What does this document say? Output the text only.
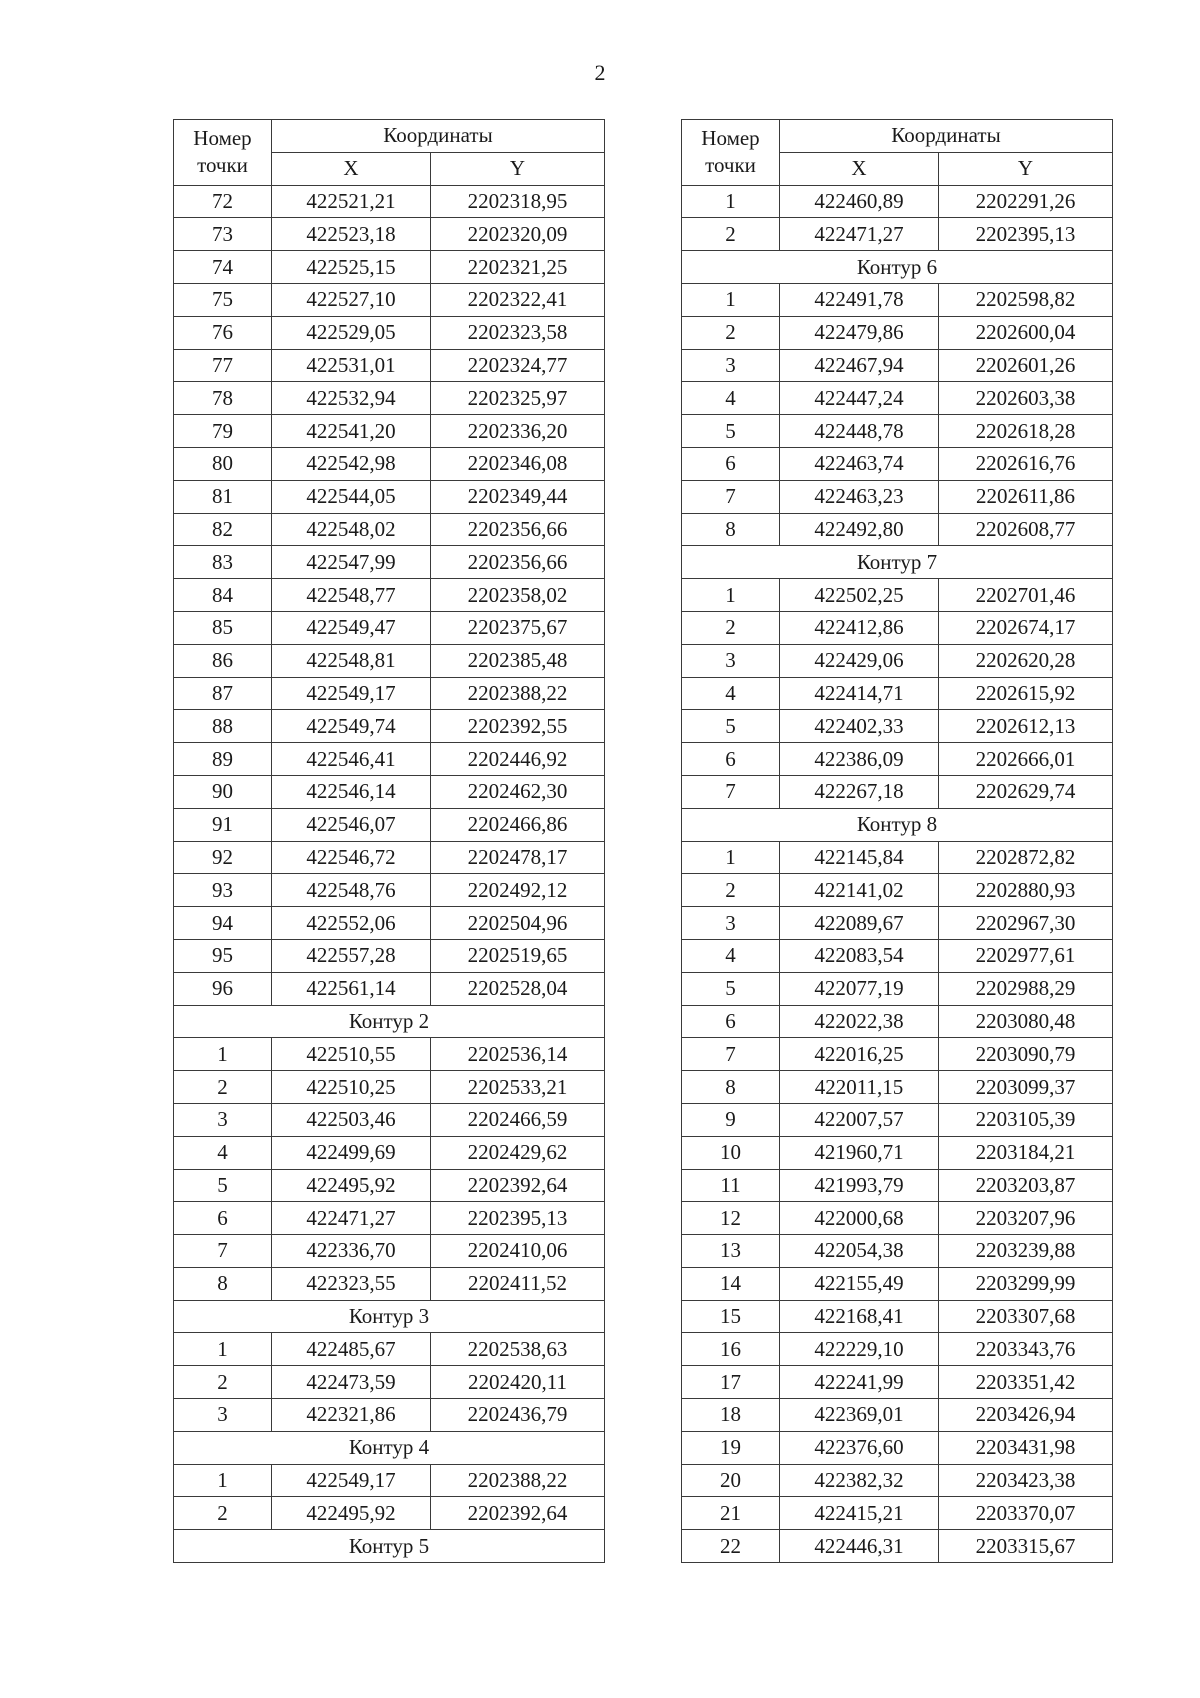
2
Номер
точки	Координаты	
	X	Y
72	422521,21	2202318,95
73	422523,18	2202320,09
74	422525,15	2202321,25
75	422527,10	2202322,41
76	422529,05	2202323,58
77	422531,01	2202324,77
78	422532,94	2202325,97
79	422541,20	2202336,20
80	422542,98	2202346,08
81	422544,05	2202349,44
82	422548,02	2202356,66
83	422547,99	2202356,66
84	422548,77	2202358,02
85	422549,47	2202375,67
86	422548,81	2202385,48
87	422549,17	2202388,22
88	422549,74	2202392,55
89	422546,41	2202446,92
90	422546,14	2202462,30
91	422546,07	2202466,86
92	422546,72	2202478,17
93	422548,76	2202492,12
94	422552,06	2202504,96
95	422557,28	2202519,65
96	422561,14	2202528,04
Контур 2		
1	422510,55	2202536,14
2	422510,25	2202533,21
3	422503,46	2202466,59
4	422499,69	2202429,62
5	422495,92	2202392,64
6	422471,27	2202395,13
7	422336,70	2202410,06
8	422323,55	2202411,52
Контур 3		
1	422485,67	2202538,63
2	422473,59	2202420,11
3	422321,86	2202436,79
Контур 4		
1	422549,17	2202388,22
2	422495,92	2202392,64
Контур 5		
Номер
точки	Координаты	
	X	Y
1	422460,89	2202291,26
2	422471,27	2202395,13
Контур 6		
1	422491,78	2202598,82
2	422479,86	2202600,04
3	422467,94	2202601,26
4	422447,24	2202603,38
5	422448,78	2202618,28
6	422463,74	2202616,76
7	422463,23	2202611,86
8	422492,80	2202608,77
Контур 7		
1	422502,25	2202701,46
2	422412,86	2202674,17
3	422429,06	2202620,28
4	422414,71	2202615,92
5	422402,33	2202612,13
6	422386,09	2202666,01
7	422267,18	2202629,74
Контур 8		
1	422145,84	2202872,82
2	422141,02	2202880,93
3	422089,67	2202967,30
4	422083,54	2202977,61
5	422077,19	2202988,29
6	422022,38	2203080,48
7	422016,25	2203090,79
8	422011,15	2203099,37
9	422007,57	2203105,39
10	421960,71	2203184,21
11	421993,79	2203203,87
12	422000,68	2203207,96
13	422054,38	2203239,88
14	422155,49	2203299,99
15	422168,41	2203307,68
16	422229,10	2203343,76
17	422241,99	2203351,42
18	422369,01	2203426,94
19	422376,60	2203431,98
20	422382,32	2203423,38
21	422415,21	2203370,07
22	422446,31	2203315,67
